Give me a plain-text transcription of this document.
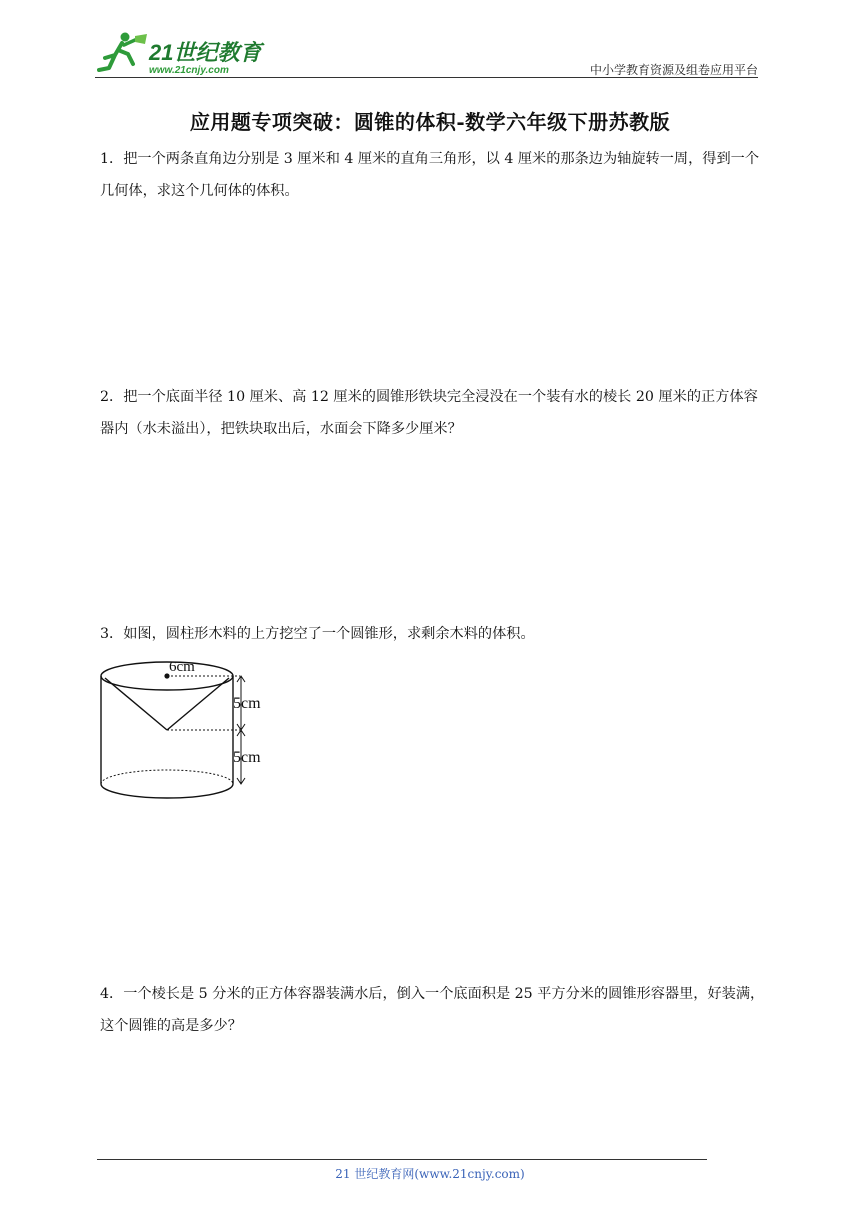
21世纪教育
www.21cnjy.com	中小学教育资源及组卷应用平台
应用题专项突破：圆锥的体积-数学六年级下册苏教版
1．把一个两条直角边分别是 3 厘米和 4 厘米的直角三角形，以 4 厘米的那条边为轴旋转一周，得到一个几何体，求这个几何体的体积。
2．把一个底面半径 10 厘米、高 12 厘米的圆锥形铁块完全浸没在一个装有水的棱长 20 厘米的正方体容器内（水未溢出），把铁块取出后，水面会下降多少厘米？
3．如图，圆柱形木料的上方挖空了一个圆锥形，求剩余木料的体积。
6cm
5cm
5cm
4．一个棱长是 5 分米的正方体容器装满水后，倒入一个底面积是 25 平方分米的圆锥形容器里，好装满，这个圆锥的高是多少？
21 世纪教育网(www.21cnjy.com)
